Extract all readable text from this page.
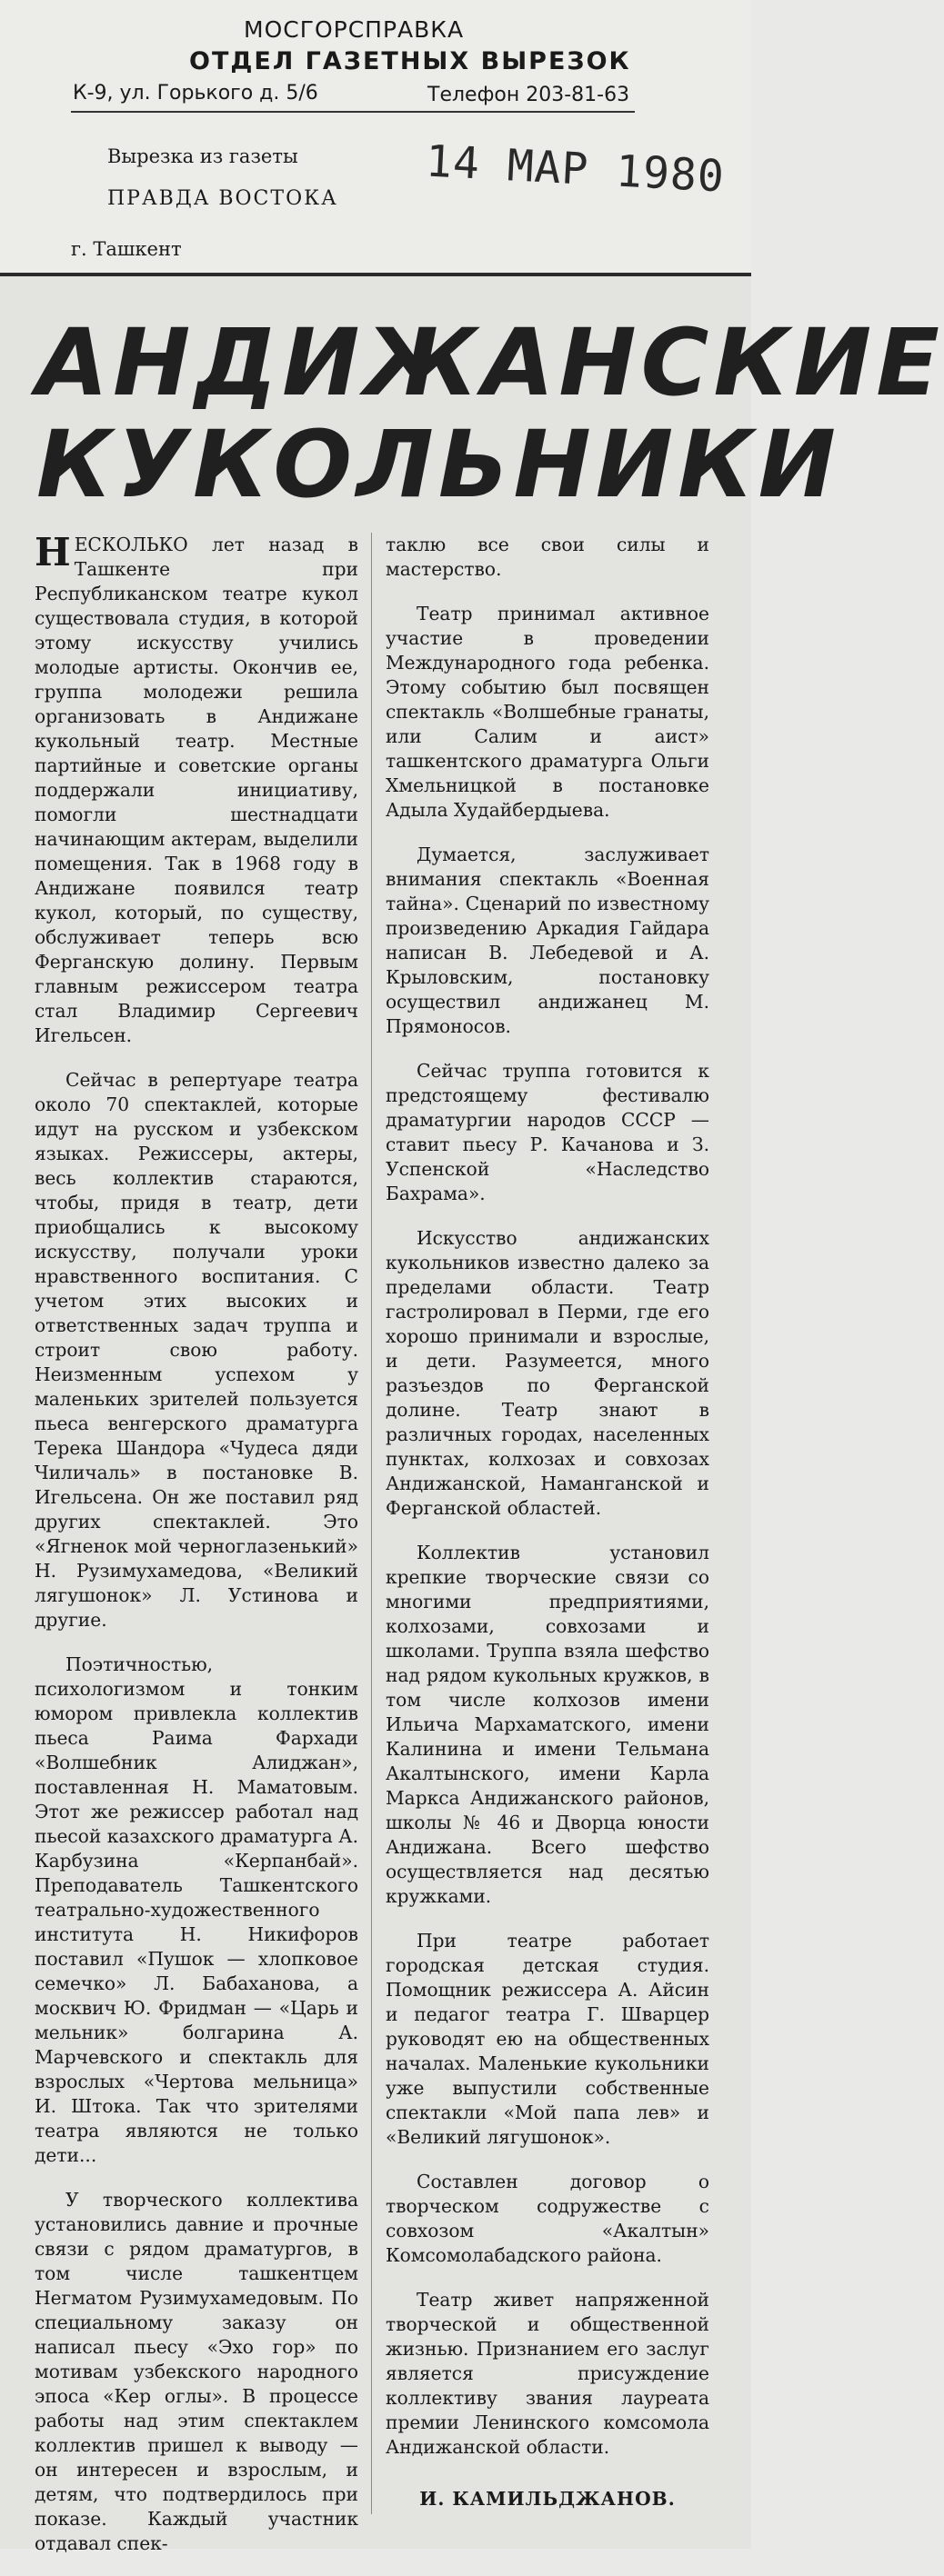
МОСГОРСПРАВКА
ОТДЕЛ ГАЗЕТНЫХ ВЫРЕЗОК
К-9, ул. Горького д. 5/6	Телефон 203-81-63
Вырезка из газеты
ПРАВДА ВОСТОКА
г. Ташкент
14 МАР 1980
АНДИЖАНСКИЕ
КУКОЛЬНИКИ

НЕСКОЛЬКО лет назад в Ташкенте при Республиканском театре кукол существовала студия, в которой этому искусству учились молодые артисты. Окончив ее, группа молодежи решила организовать в Андижане кукольный театр. Местные партийные и советские органы поддержали инициативу, помогли шестнадцати начинающим актерам, выделили помещения. Так в 1968 году в Андижане появился театр кукол, который, по существу, обслуживает теперь всю Ферганскую долину. Первым главным режиссером театра стал Владимир Сергеевич Игельсен.

Сейчас в репертуаре театра около 70 спектаклей, которые идут на русском и узбекском языках. Режиссеры, актеры, весь коллектив стараются, чтобы, придя в театр, дети приобщались к высокому искусству, получали уроки нравственного воспитания. С учетом этих высоких и ответственных задач труппа и строит свою работу. Неизменным успехом у маленьких зрителей пользуется пьеса венгерского драматурга Терека Шандора «Чудеса дяди Чиличаль» в постановке В. Игельсена. Он же поставил ряд других спектаклей. Это «Ягненок мой черноглазенький» Н. Рузимухамедова, «Великий лягушонок» Л. Устинова и другие.

Поэтичностью, психологизмом и тонким юмором привлекла коллектив пьеса Раима Фархади «Волшебник Алиджан», поставленная Н. Маматовым. Этот же режиссер работал над пьесой казахского драматурга А. Карбузина «Керпанбай». Преподаватель Ташкентского театрально-художественного института Н. Никифоров поставил «Пушок — хлопковое семечко» Л. Бабаханова, а москвич Ю. Фридман — «Царь и мельник» болгарина А. Марчевского и спектакль для взрослых «Чертова мельница» И. Штока. Так что зрителями театра являются не только дети...

У творческого коллектива установились давние и прочные связи с рядом драматургов, в том числе ташкентцем Негматом Рузимухамедовым. По специальному заказу он написал пьесу «Эхо гор» по мотивам узбекского народного эпоса «Кер оглы». В процессе работы над этим спектаклем коллектив пришел к выводу — он интересен и взрослым, и детям, что подтвердилось при показе. Каждый участник отдавал спек-

таклю все свои силы и мастерство.

Театр принимал активное участие в проведении Международного года ребенка. Этому событию был посвящен спектакль «Волшебные гранаты, или Салим и аист» ташкентского драматурга Ольги Хмельницкой в постановке Адыла Худайбердыева.

Думается, заслуживает внимания спектакль «Военная тайна». Сценарий по известному произведению Аркадия Гайдара написан В. Лебедевой и А. Крыловским, постановку осуществил андижанец М. Прямоносов.

Сейчас труппа готовится к предстоящему фестивалю драматургии народов СССР — ставит пьесу Р. Качанова и З. Успенской «Наследство Бахрама».

Искусство андижанских кукольников известно далеко за пределами области. Театр гастролировал в Перми, где его хорошо принимали и взрослые, и дети. Разумеется, много разъездов по Ферганской долине. Театр знают в различных городах, населенных пунктах, колхозах и совхозах Андижанской, Наманганской и Ферганской областей.

Коллектив установил крепкие творческие связи со многими предприятиями, колхозами, совхозами и школами. Труппа взяла шефство над рядом кукольных кружков, в том числе колхозов имени Ильича Мархаматского, имени Калинина и имени Тельмана Акалтынского, имени Карла Маркса Андижанского районов, школы № 46 и Дворца юности Андижана. Всего шефство осуществляется над десятью кружками.

При театре работает городская детская студия. Помощник режиссера А. Айсин и педагог театра Г. Шварцер руководят ею на общественных началах. Маленькие кукольники уже выпустили собственные спектакли «Мой папа лев» и «Великий лягушонок».

Составлен договор о творческом содружестве с совхозом «Акалтын» Комсомолабадского района.

Театр живет напряженной творческой и общественной жизнью. Признанием его заслуг является присуждение коллективу звания лауреата премии Ленинского комсомола Андижанской области.

И. КАМИЛЬДЖАНОВ.
